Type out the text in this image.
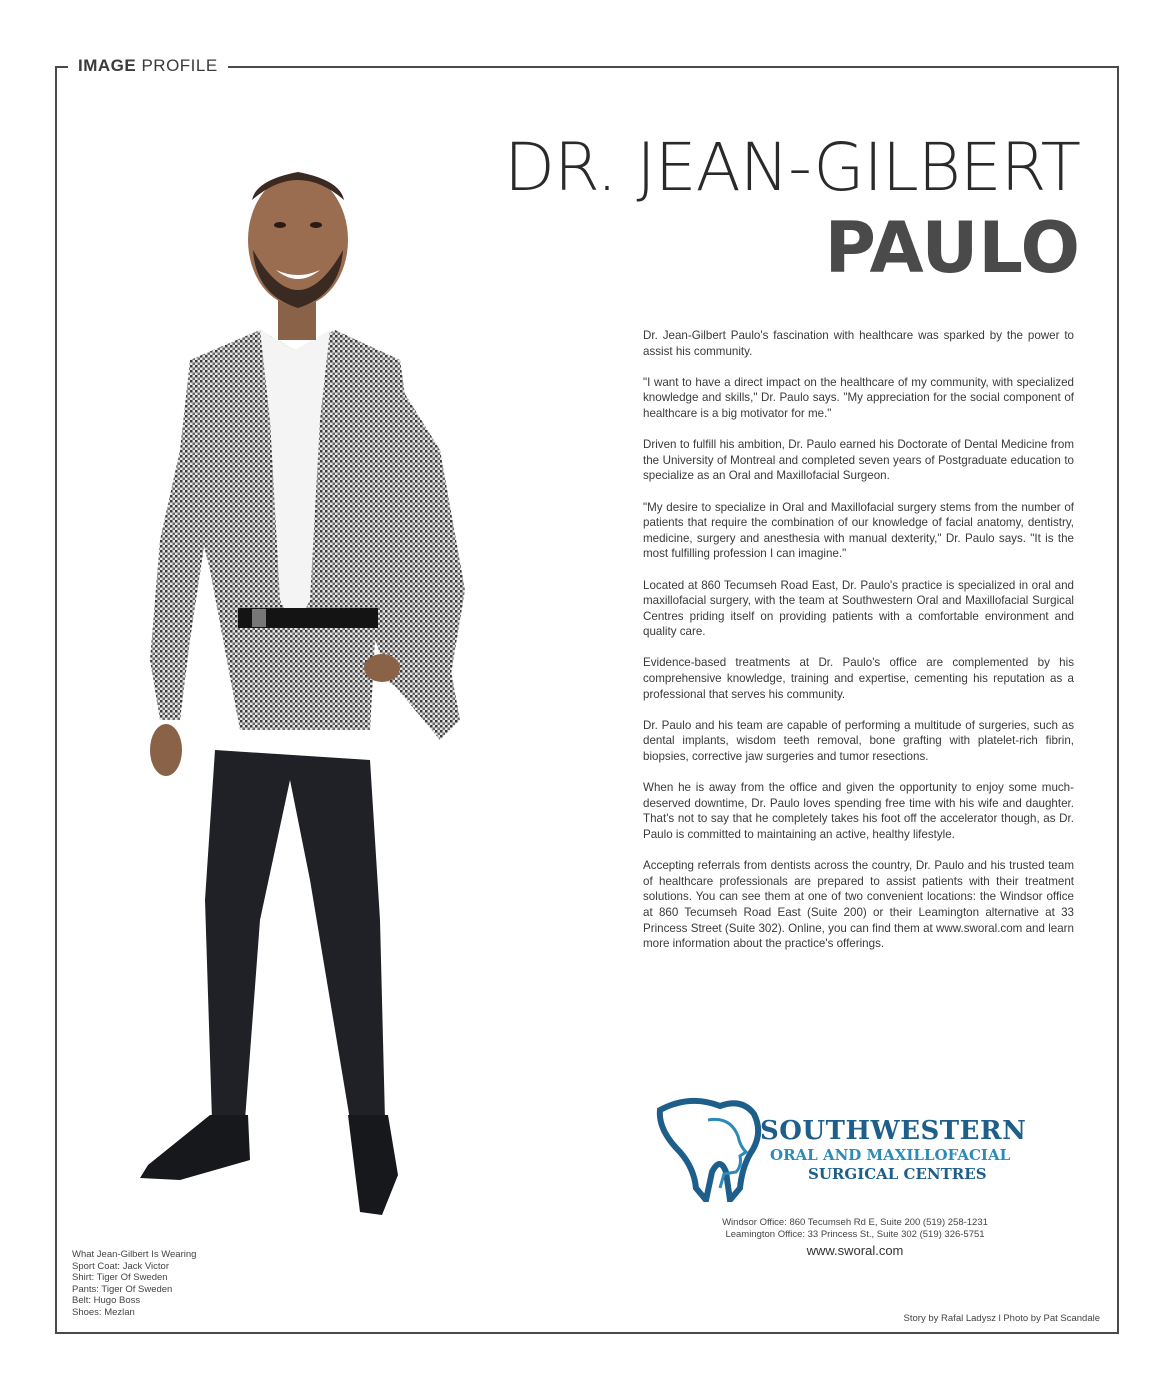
IMAGE PROFILE
DR. JEAN-GILBERT
PAULO

Dr. Jean-Gilbert Paulo's fascination with healthcare was sparked by the power to assist his community.

"I want to have a direct impact on the healthcare of my community, with specialized knowledge and skills," Dr. Paulo says. "My appreciation for the social component of healthcare is a big motivator for me."

Driven to fulfill his ambition, Dr. Paulo earned his Doctorate of Dental Medicine from the University of Montreal and completed seven years of Postgraduate education to specialize as an Oral and Maxillofacial Surgeon.

"My desire to specialize in Oral and Maxillofacial surgery stems from the number of patients that require the combination of our knowledge of facial anatomy, dentistry, medicine, surgery and anesthesia with manual dexterity," Dr. Paulo says. "It is the most fulfilling profession I can imagine."

Located at 860 Tecumseh Road East, Dr. Paulo's practice is specialized in oral and maxillofacial surgery, with the team at Southwestern Oral and Maxillofacial Surgical Centres priding itself on providing patients with a comfortable environment and quality care.

Evidence-based treatments at Dr. Paulo's office are complemented by his comprehensive knowledge, training and expertise, cementing his reputation as a professional that serves his community.

Dr. Paulo and his team are capable of performing a multitude of surgeries, such as dental implants, wisdom teeth removal, bone grafting with platelet-rich fibrin, biopsies, corrective jaw surgeries and tumor resections.

When he is away from the office and given the opportunity to enjoy some much-deserved downtime, Dr. Paulo loves spending free time with his wife and daughter. That's not to say that he completely takes his foot off the accelerator though, as Dr. Paulo is committed to maintaining an active, healthy lifestyle.

Accepting referrals from dentists across the country, Dr. Paulo and his trusted team of healthcare professionals are prepared to assist patients with their treatment solutions. You can see them at one of two convenient locations: the Windsor office at 860 Tecumseh Road East (Suite 200) or their Leamington alternative at 33 Princess Street (Suite 302). Online, you can find them at www.sworal.com and learn more information about the practice's offerings.

SOUTHWESTERN
ORAL AND MAXILLOFACIAL
SURGICAL CENTRES
Windsor Office: 860 Tecumseh Rd E, Suite 200 (519) 258-1231
Leamington Office: 33 Princess St., Suite 302 (519) 326-5751
www.sworal.com
What Jean-Gilbert Is Wearing
Sport Coat: Jack Victor
Shirt: Tiger Of Sweden
Pants: Tiger Of Sweden
Belt: Hugo Boss
Shoes: Mezlan
Story by Rafal Ladysz l Photo by Pat Scandale
